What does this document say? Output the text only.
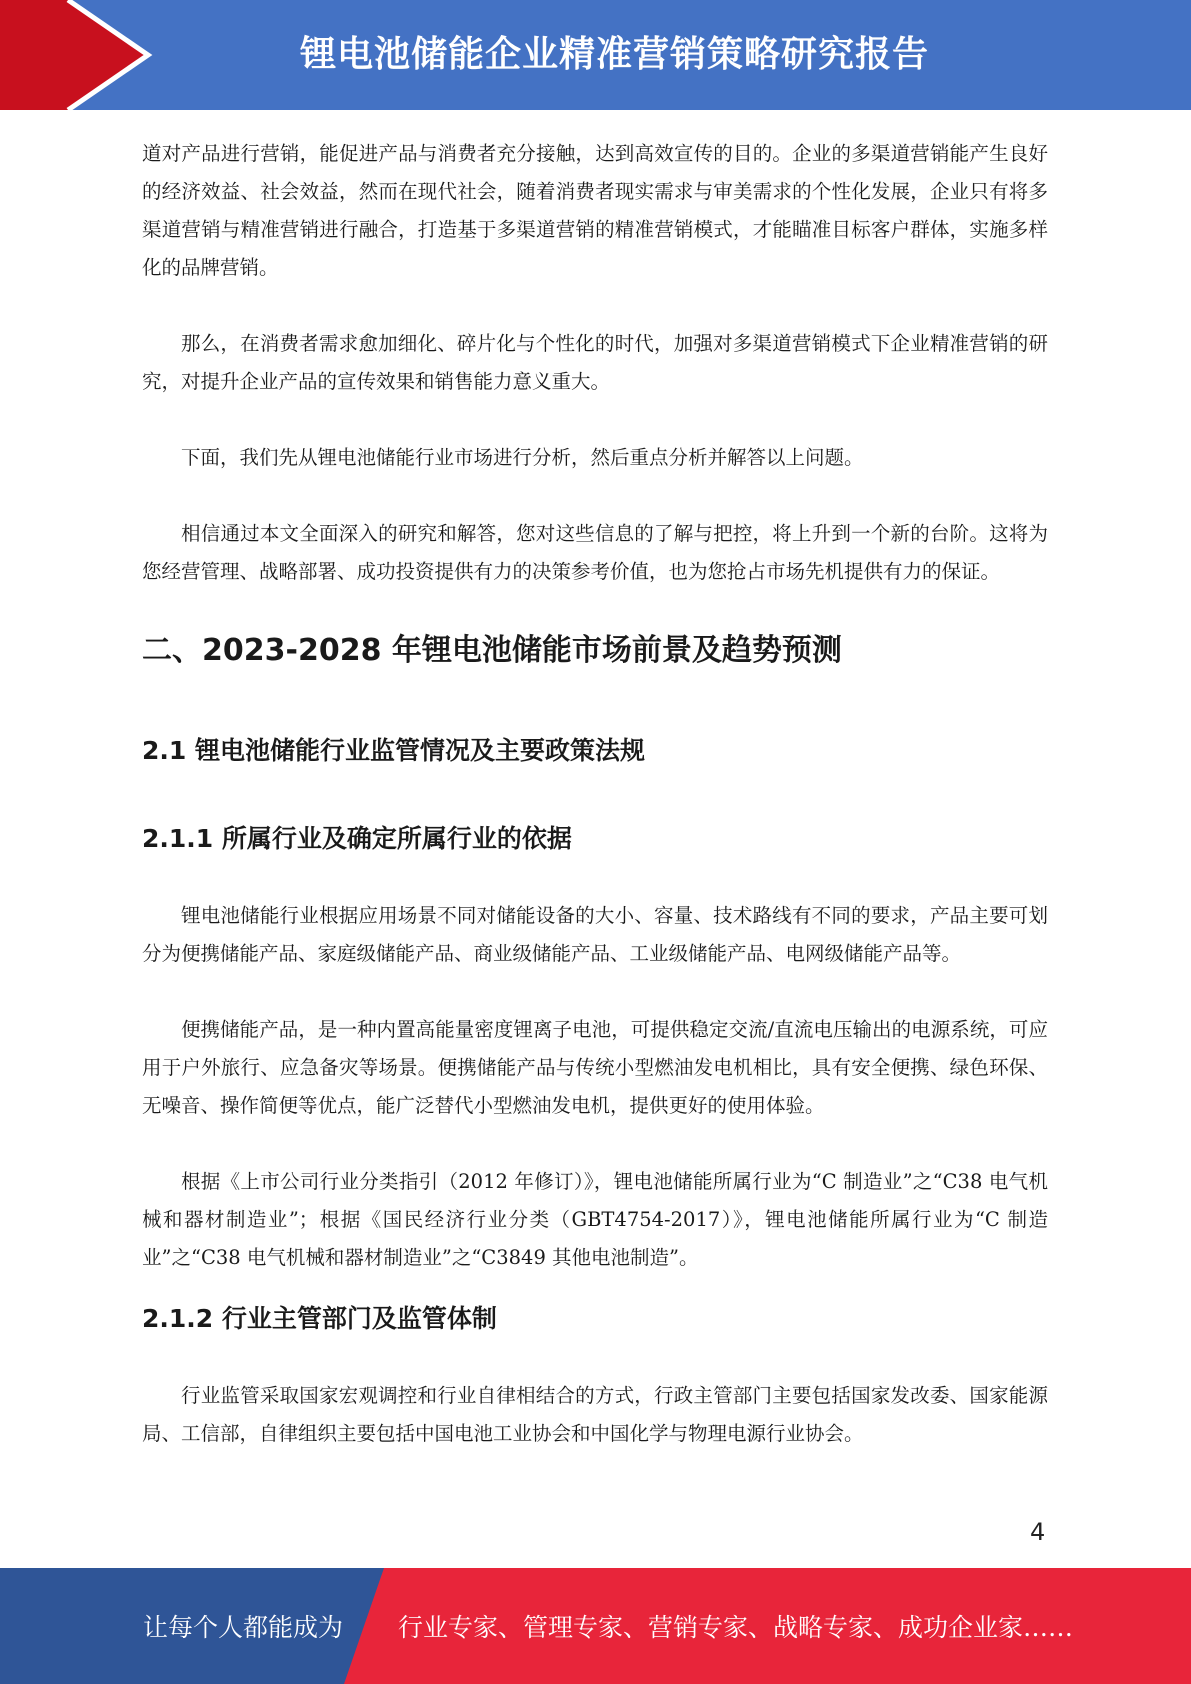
锂电池储能企业精准营销策略研究报告

道对产品进行营销，能促进产品与消费者充分接触，达到高效宣传的目的。企业的多渠道营销能产生良好的经济效益、社会效益，然而在现代社会，随着消费者现实需求与审美需求的个性化发展，企业只有将多渠道营销与精准营销进行融合，打造基于多渠道营销的精准营销模式，才能瞄准目标客户群体，实施多样化的品牌营销。

那么，在消费者需求愈加细化、碎片化与个性化的时代，加强对多渠道营销模式下企业精准营销的研究，对提升企业产品的宣传效果和销售能力意义重大。

下面，我们先从锂电池储能行业市场进行分析，然后重点分析并解答以上问题。

相信通过本文全面深入的研究和解答，您对这些信息的了解与把控，将上升到一个新的台阶。这将为您经营管理、战略部署、成功投资提供有力的决策参考价值，也为您抢占市场先机提供有力的保证。

二、2023-2028 年锂电池储能市场前景及趋势预测
2.1 锂电池储能行业监管情况及主要政策法规
2.1.1 所属行业及确定所属行业的依据

锂电池储能行业根据应用场景不同对储能设备的大小、容量、技术路线有不同的要求，产品主要可划分为便携储能产品、家庭级储能产品、商业级储能产品、工业级储能产品、电网级储能产品等。

便携储能产品，是一种内置高能量密度锂离子电池，可提供稳定交流/直流电压输出的电源系统，可应用于户外旅行、应急备灾等场景。便携储能产品与传统小型燃油发电机相比，具有安全便携、绿色环保、无噪音、操作简便等优点，能广泛替代小型燃油发电机，提供更好的使用体验。

根据《上市公司行业分类指引（2012 年修订）》，锂电池储能所属行业为“C 制造业”之“C38 电气机械和器材制造业”；根据《国民经济行业分类（GBT4754-2017）》，锂电池储能所属行业为“C 制造业”之“C38 电气机械和器材制造业”之“C3849 其他电池制造”。

2.1.2 行业主管部门及监管体制

行业监管采取国家宏观调控和行业自律相结合的方式，行政主管部门主要包括国家发改委、国家能源局、工信部，自律组织主要包括中国电池工业协会和中国化学与物理电源行业协会。

4
让每个人都能成为 行业专家、管理专家、营销专家、战略专家、成功企业家……
